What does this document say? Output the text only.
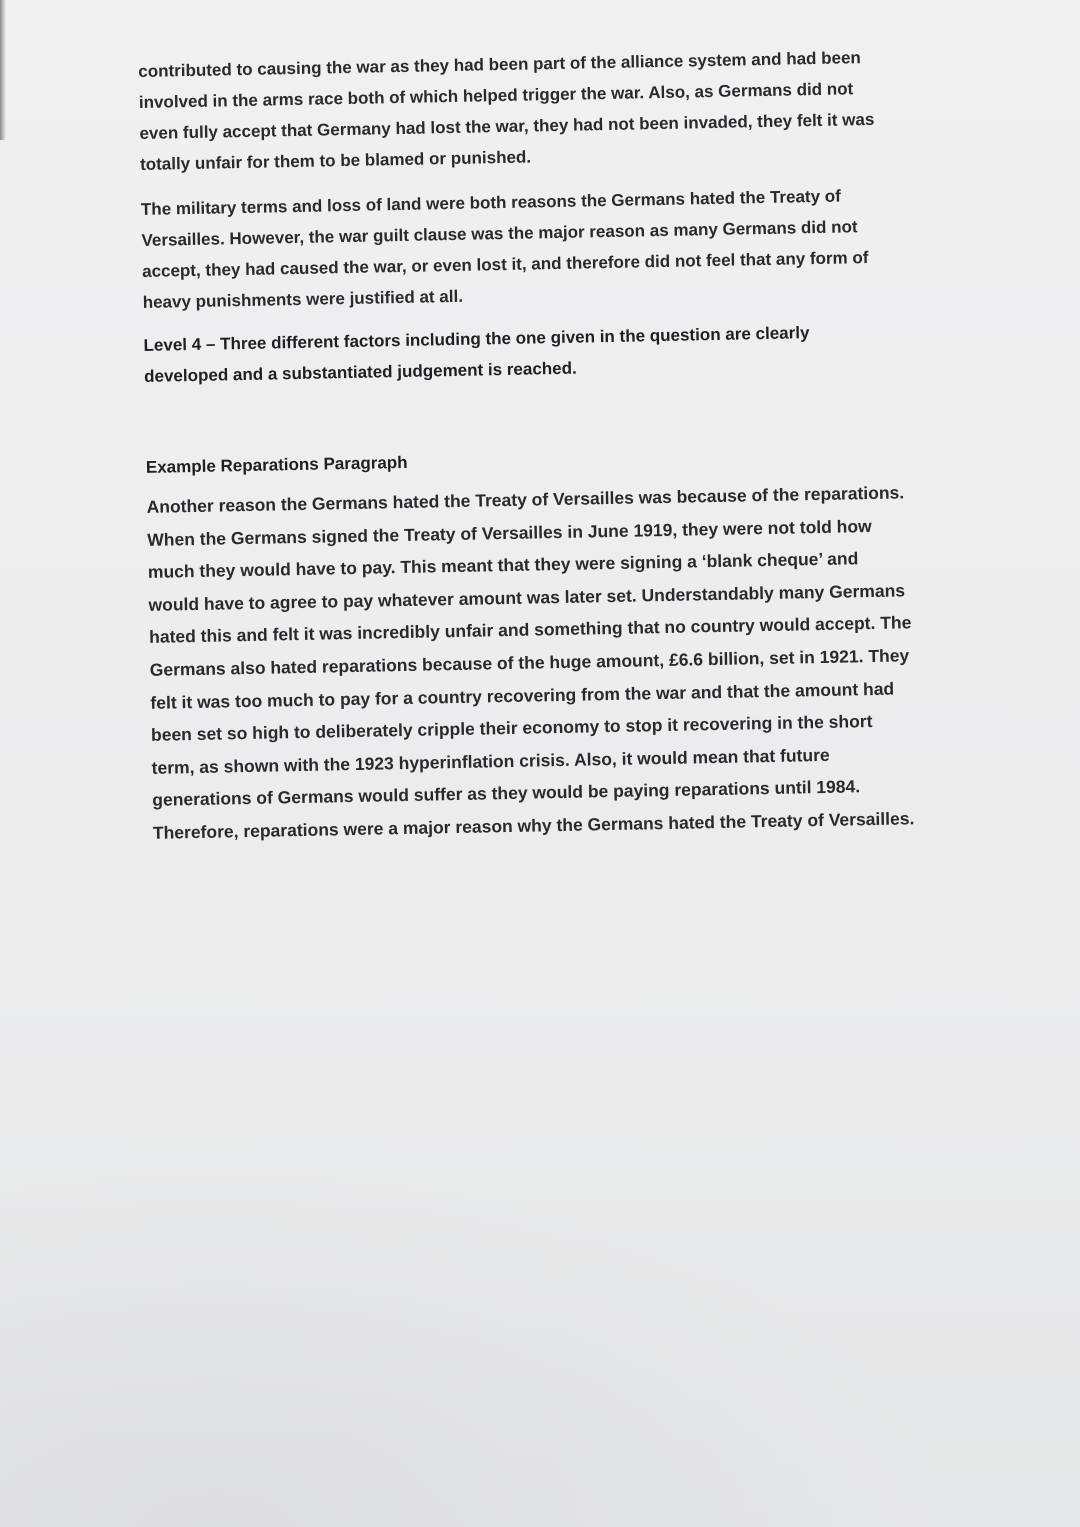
contributed to causing the war as they had been part of the alliance system and had been
involved in the arms race both of which helped trigger the war. Also, as Germans did not
even fully accept that Germany had lost the war, they had not been invaded, they felt it was
totally unfair for them to be blamed or punished.

The military terms and loss of land were both reasons the Germans hated the Treaty of
Versailles. However, the war guilt clause was the major reason as many Germans did not
accept, they had caused the war, or even lost it, and therefore did not feel that any form of
heavy punishments were justified at all.

Level 4 – Three different factors including the one given in the question are clearly
developed and a substantiated judgement is reached.

Example Reparations Paragraph

Another reason the Germans hated the Treaty of Versailles was because of the reparations.
When the Germans signed the Treaty of Versailles in June 1919, they were not told how
much they would have to pay. This meant that they were signing a ‘blank cheque’ and
would have to agree to pay whatever amount was later set. Understandably many Germans
hated this and felt it was incredibly unfair and something that no country would accept. The
Germans also hated reparations because of the huge amount, £6.6 billion, set in 1921. They
felt it was too much to pay for a country recovering from the war and that the amount had
been set so high to deliberately cripple their economy to stop it recovering in the short
term, as shown with the 1923 hyperinflation crisis. Also, it would mean that future
generations of Germans would suffer as they would be paying reparations until 1984.
Therefore, reparations were a major reason why the Germans hated the Treaty of Versailles.
